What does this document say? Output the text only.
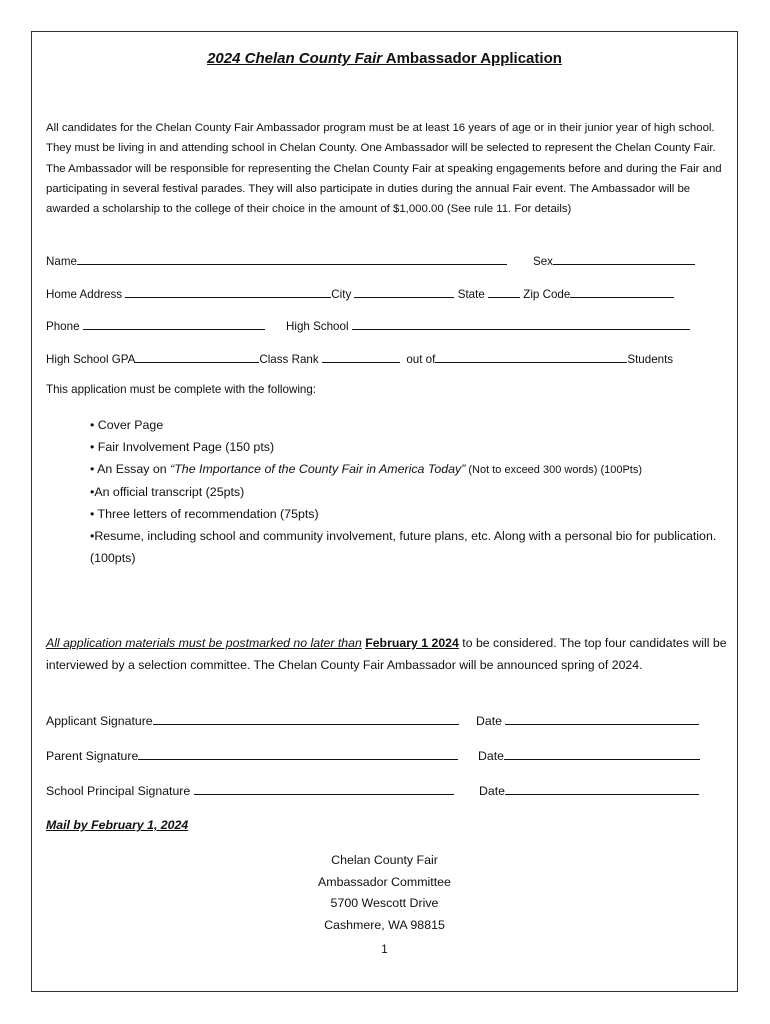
2024 Chelan County Fair Ambassador Application

All candidates for the Chelan County Fair Ambassador program must be at least 16 years of age or in their junior year of high school. They must be living in and attending school in Chelan County. One Ambassador will be selected to represent the Chelan County Fair. The Ambassador will be responsible for representing the Chelan County Fair at speaking engagements before and during the Fair and participating in several festival parades. They will also participate in duties during the annual Fair event. The Ambassador will be awarded a scholarship to the college of their choice in the amount of $1,000.00 (See rule 11. For details)

Name	Sex
Home Address	City	State	Zip Code
Phone	High School
High School GPA	Class Rank	out of	Students
This application must be complete with the following:
• Cover Page
• Fair Involvement Page (150 pts)
• An Essay on “The Importance of the County Fair in America Today” (Not to exceed 300 words) (100Pts)
•An official transcript (25pts)
• Three letters of recommendation (75pts)
•Resume, including school and community involvement, future plans, etc. Along with a personal bio for publication. (100pts)
All application materials must be postmarked no later than February 1 2024 to be considered. The top four candidates will be interviewed by a selection committee. The Chelan County Fair Ambassador will be announced spring of 2024.
Applicant Signature	Date
Parent Signature	Date
School Principal Signature	Date
Mail by February 1, 2024
Chelan County Fair
Ambassador Committee
5700 Wescott Drive
Cashmere, WA 98815
1
